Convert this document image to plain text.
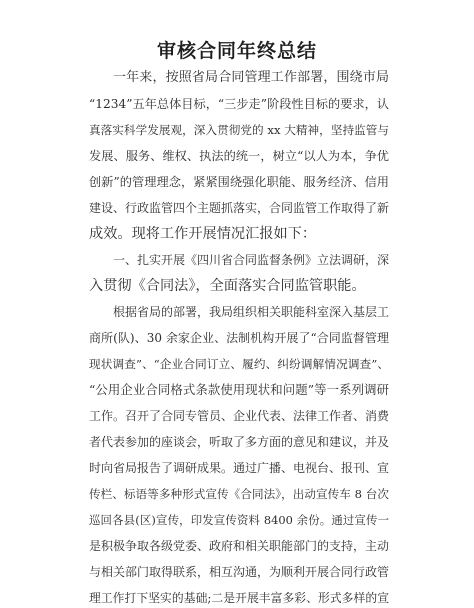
审核合同年终总结
一年来，按照省局合同管理工作部署，围绕市局
“1234”五年总体目标，“三步走”阶段性目标的要求，认
真落实科学发展观，深入贯彻党的 xx 大精神，坚持监管与
发展、服务、维权、执法的统一，树立“以人为本，争优
创新”的管理理念，紧紧围绕强化职能、服务经济、信用
建设、行政监管四个主题抓落实，合同监管工作取得了新
成效。现将工作开展情况汇报如下：
一、扎实开展《四川省合同监督条例》立法调研，深
入贯彻《合同法》，全面落实合同监管职能。
根据省局的部署，我局组织相关职能科室深入基层工
商所(队)、30 余家企业、法制机构开展了“合同监督管理
现状调查”、“企业合同订立、履约、纠纷调解情况调查”、
“公用企业合同格式条款使用现状和问题”等一系列调研
工作。召开了合同专管员、企业代表、法律工作者、消费
者代表参加的座谈会，听取了多方面的意见和建议，并及
时向省局报告了调研成果。通过广播、电视台、报刊、宣
传栏、标语等多种形式宣传《合同法》，出动宣传车 8 台次
巡回各县(区)宣传，印发宣传资料 8400 余份。通过宣传一
是积极争取各级党委、政府和相关职能部门的支持，主动
与相关部门取得联系，相互沟通，为顺利开展合同行政管
理工作打下坚实的基础;二是开展丰富多彩、形式多样的宣
